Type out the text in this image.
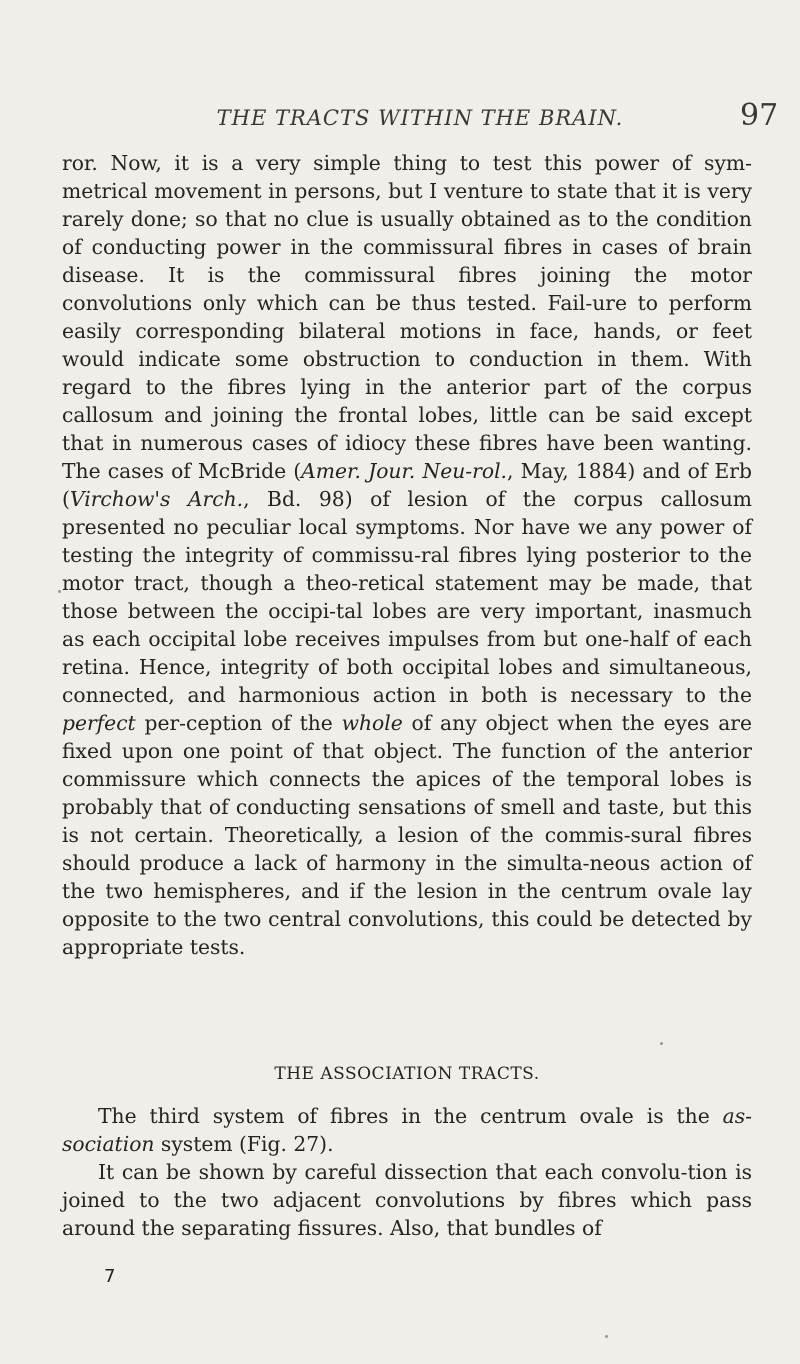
THE TRACTS WITHIN THE BRAIN.	97

ror. Now, it is a very simple thing to test this power of sym-metrical movement in persons, but I venture to state that it is very rarely done; so that no clue is usually obtained as to the condition of conducting power in the commissural fibres in cases of brain disease. It is the commissural fibres joining the motor convolutions only which can be thus tested. Fail-ure to perform easily corresponding bilateral motions in face, hands, or feet would indicate some obstruction to conduction in them. With regard to the fibres lying in the anterior part of the corpus callosum and joining the frontal lobes, little can be said except that in numerous cases of idiocy these fibres have been wanting. The cases of McBride (Amer. Jour. Neu-rol., May, 1884) and of Erb (Virchow's Arch., Bd. 98) of lesion of the corpus callosum presented no peculiar local symptoms. Nor have we any power of testing the integrity of commissu-ral fibres lying posterior to the motor tract, though a theo-retical statement may be made, that those between the occipi-tal lobes are very important, inasmuch as each occipital lobe receives impulses from but one-half of each retina. Hence, integrity of both occipital lobes and simultaneous, connected, and harmonious action in both is necessary to the perfect per-ception of the whole of any object when the eyes are fixed upon one point of that object. The function of the anterior commissure which connects the apices of the temporal lobes is probably that of conducting sensations of smell and taste, but this is not certain. Theoretically, a lesion of the commis-sural fibres should produce a lack of harmony in the simulta-neous action of the two hemispheres, and if the lesion in the centrum ovale lay opposite to the two central convolutions, this could be detected by appropriate tests.

THE ASSOCIATION TRACTS.

The third system of fibres in the centrum ovale is the as-sociation system (Fig. 27).

It can be shown by careful dissection that each convolu-tion is joined to the two adjacent convolutions by fibres which pass around the separating fissures. Also, that bundles of

7
